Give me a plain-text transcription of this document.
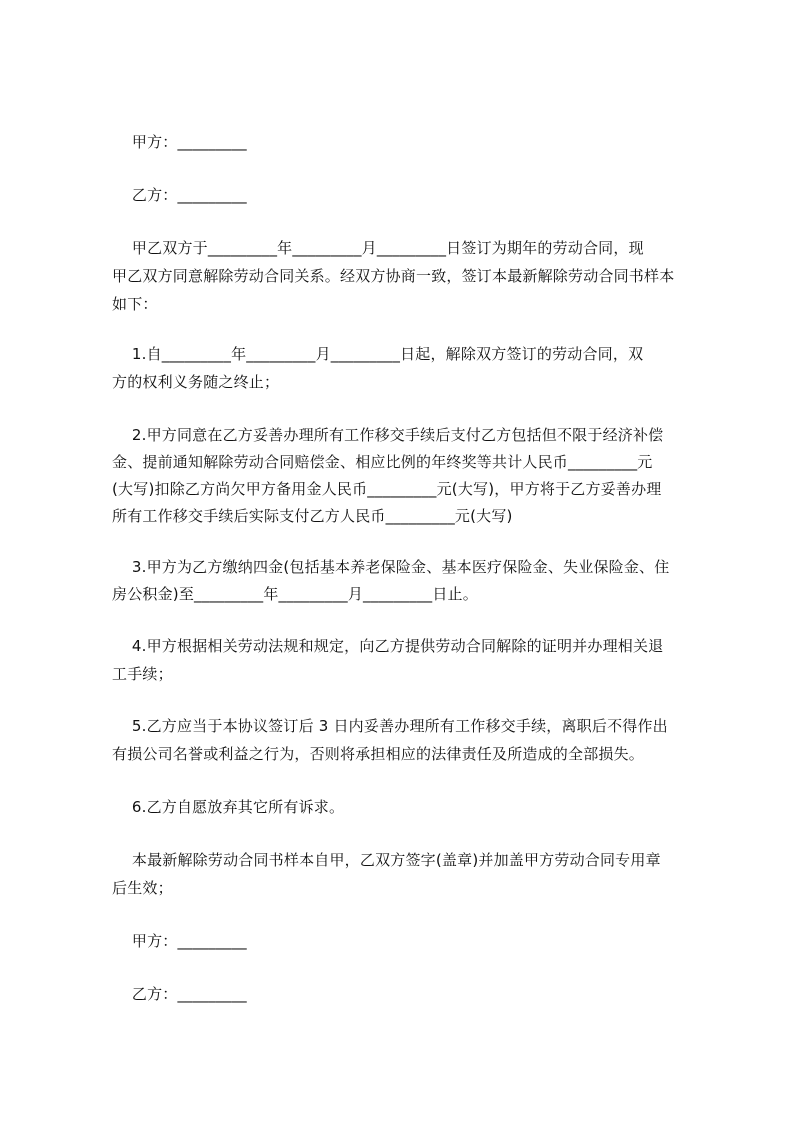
甲方：_________
乙方：_________
甲乙双方于_________年_________月_________日签订为期年的劳动合同，现
甲乙双方同意解除劳动合同关系。经双方协商一致，签订本最新解除劳动合同书样本
如下：
1.自_________年_________月_________日起，解除双方签订的劳动合同，双
方的权利义务随之终止；
2.甲方同意在乙方妥善办理所有工作移交手续后支付乙方包括但不限于经济补偿
金、提前通知解除劳动合同赔偿金、相应比例的年终奖等共计人民币_________元
(大写)扣除乙方尚欠甲方备用金人民币_________元(大写)，甲方将于乙方妥善办理
所有工作移交手续后实际支付乙方人民币_________元(大写)
3.甲方为乙方缴纳四金(包括基本养老保险金、基本医疗保险金、失业保险金、住
房公积金)至_________年_________月_________日止。
4.甲方根据相关劳动法规和规定，向乙方提供劳动合同解除的证明并办理相关退
工手续；
5.乙方应当于本协议签订后 3 日内妥善办理所有工作移交手续，离职后不得作出
有损公司名誉或利益之行为，否则将承担相应的法律责任及所造成的全部损失。
6.乙方自愿放弃其它所有诉求。
本最新解除劳动合同书样本自甲，乙双方签字(盖章)并加盖甲方劳动合同专用章
后生效；
甲方：_________
乙方：_________
